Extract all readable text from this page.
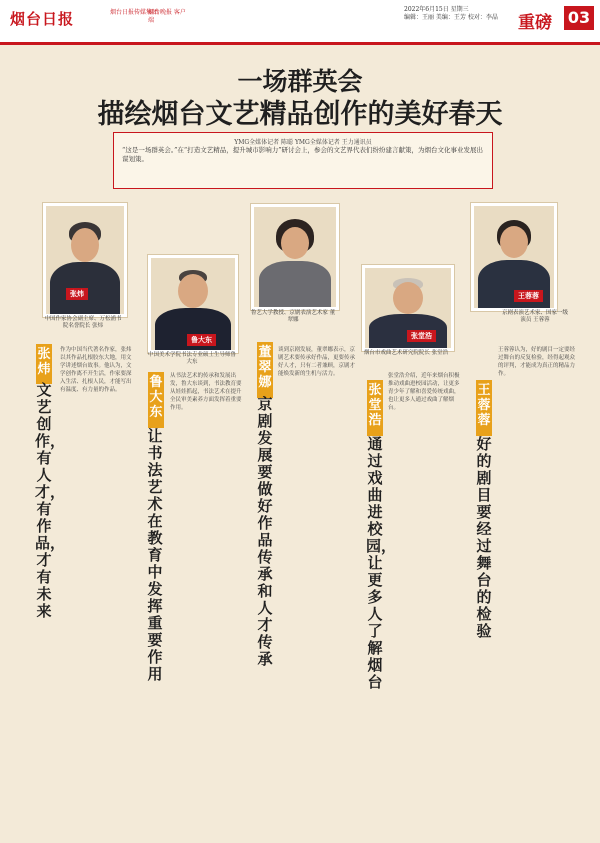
烟台日报	烟台日报传媒集团
烟台晚报 客户端
2022年6月15日 星期三
编辑：王丽 美编：王芳 校对：李晶	重磅 03
一场群英会
描绘烟台文艺精品创作的美好春天
YMG全媒体记者 陈聪 YMG全媒体记者 王力通讯员
“这是一场群英会。”在“打造文艺精品，提升城市影响力”研讨会上，参会的文艺界代表们纷纷建言献策，为烟台文化事业发展出谋划策。
张炜
中国作家协会副主席、万松浦书院名誉院长 张炜
鲁大东
中国美术学院书法专业硕士生导师鲁大东
鲁艺大学教授、京剧表演艺术家 董翠娜
张堂浩
烟台市戏曲艺术研究院院长 张堂浩
王蓉蓉
京剧表演艺术家、国家一级演员 王蓉蓉
张炜
鲁大东
董翠娜
张堂浩
王蓉蓉
文艺创作，有人才，有作品，才有未来
让书法艺术在教育中发挥重要作用
京剧发展要做好作品传承和人才传承
通过戏曲进校园，让更多人了解烟台
好的剧目要经过舞台的检验
作为中国当代著名作家，张炜以其作品扎根胶东大地，用文学讲述烟台故事。他认为，文学创作离不开生活，作家要深入生活、扎根人民，才能写出有温度、有力量的作品。
从书法艺术的传承和发展出发，鲁大东谈到，书法教育要从娃娃抓起，书法艺术在提升全民审美素养方面发挥着重要作用。
谈到京剧发展，董翠娜表示，京剧艺术要传承好作品，更要传承好人才，只有二者兼顾，京剧才能焕发新的生机与活力。	张堂浩介绍，近年来烟台积极推动戏曲进校园活动，让更多青少年了解和喜爱传统戏曲，也让更多人通过戏曲了解烟台。
王蓉蓉认为，好的剧目一定要经过舞台的反复检验，经得起观众的评判，才能成为真正的精品力作。
